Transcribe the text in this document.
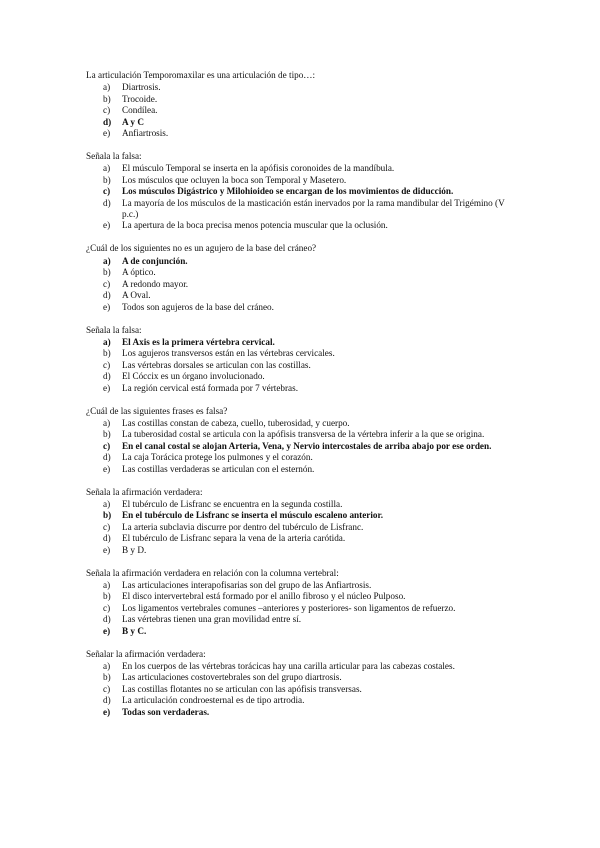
La articulación Temporomaxilar es una articulación de tipo…:
a)	Diartrosis.
b)	Trocoide.
c)	Condílea.
d)	A y C
e)	Anfiartrosis.
Señala la falsa:
a)	El músculo Temporal se inserta en la apófisis coronoides de la mandíbula.
b)	Los músculos que ocluyen la boca son Temporal y Masetero.
c)	Los músculos Digástrico y Milohioideo se encargan de los movimientos de diducción.
d)	La mayoría de los músculos de la masticación están inervados por la rama mandibular del Trigémino (V p.c.)
e)	La apertura de la boca precisa menos potencia muscular que la oclusión.
¿Cuál de los siguientes no es un agujero de la base del cráneo?
a)	A de conjunción.
b)	A óptico.
c)	A redondo mayor.
d)	A Oval.
e)	Todos son agujeros de la base del cráneo.
Señala la falsa:
a)	El Axis es la primera vértebra cervical.
b)	Los agujeros transversos están en las vértebras cervicales.
c)	Las vértebras dorsales se articulan con las costillas.
d)	El Cóccix es un órgano involucionado.
e)	La región cervical está formada por 7 vértebras.
¿Cuál de las siguientes frases es falsa?
a)	Las costillas constan de cabeza, cuello, tuberosidad, y cuerpo.
b)	La tuberosidad costal se articula con la apófisis transversa de la vértebra inferir a la que se origina.
c)	En el canal costal se alojan Arteria, Vena, y Nervio intercostales de arriba abajo por ese orden.
d)	La caja Torácica protege los pulmones y el corazón.
e)	Las costillas verdaderas se articulan con el esternón.
Señala la afirmación verdadera:
a)	El tubérculo de Lisfranc se encuentra en la segunda costilla.
b)	En el tubérculo de Lisfranc se inserta el músculo escaleno anterior.
c)	La arteria subclavia discurre por dentro del tubérculo de Lisfranc.
d)	El tubérculo de Lisfranc separa la vena de la arteria carótida.
e)	B y D.
Señala la afirmación verdadera en relación con la columna vertebral:
a)	Las articulaciones interapofisarias son del grupo de las Anfiartrosis.
b)	El disco intervertebral está formado por el anillo fibroso y el núcleo Pulposo.
c)	Los ligamentos vertebrales comunes –anteriores y posteriores- son ligamentos de refuerzo.
d)	Las vértebras tienen una gran movilidad entre sí.
e)	B y C.
Señalar la afirmación verdadera:
a)	En los cuerpos de las vértebras torácicas hay una carilla articular para las cabezas costales.
b)	Las articulaciones costovertebrales son del grupo diartrosis.
c)	Las costillas flotantes no se articulan con las apófisis transversas.
d)	La articulación condroesternal es de tipo artrodia.
e)	Todas son verdaderas.
